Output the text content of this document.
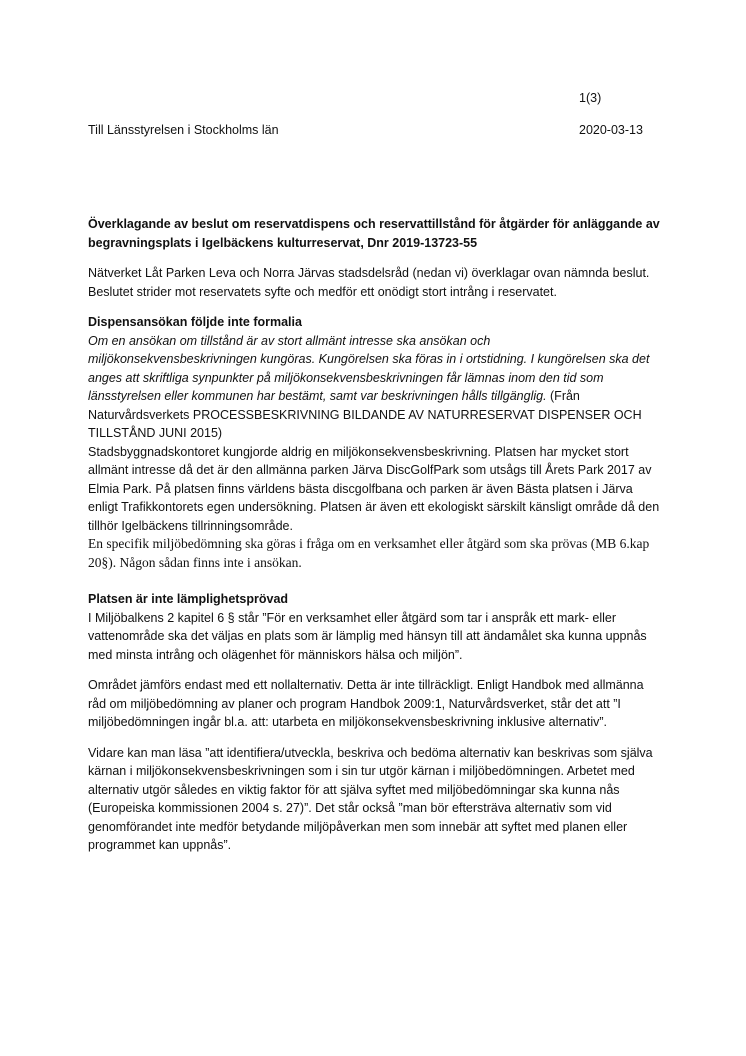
1(3)
Till Länsstyrelsen i Stockholms län	2020-03-13

Överklagande av beslut om reservatdispens och reservattillstånd för åtgärder för anläggande av begravningsplats i Igelbäckens kulturreservat, Dnr 2019-13723-55

Nätverket Låt Parken Leva och Norra Järvas stadsdelsråd (nedan vi) överklagar ovan nämnda beslut. Beslutet strider mot reservatets syfte och medför ett onödigt stort intrång i reservatet.

Dispensansökan följde inte formalia

Om en ansökan om tillstånd är av stort allmänt intresse ska ansökan och miljökonsekvensbeskrivningen kungöras. Kungörelsen ska föras in i ortstidning. I kungörelsen ska det anges att skriftliga synpunkter på miljökonsekvensbeskrivningen får lämnas inom den tid som länsstyrelsen eller kommunen har bestämt, samt var beskrivningen hålls tillgänglig. (Från Naturvårdsverkets PROCESSBESKRIVNING BILDANDE AV NATURRESERVAT DISPENSER OCH TILLSTÅND JUNI 2015)

Stadsbyggnadskontoret kungjorde aldrig en miljökonsekvensbeskrivning. Platsen har mycket stort allmänt intresse då det är den allmänna parken Järva DiscGolfPark som utsågs till Årets Park 2017 av Elmia Park. På platsen finns världens bästa discgolfbana och parken är även Bästa platsen i Järva enligt Trafikkontorets egen undersökning. Platsen är även ett ekologiskt särskilt känsligt område då den tillhör Igelbäckens tillrinningsområde.

En specifik miljöbedömning ska göras i fråga om en verksamhet eller åtgärd som ska prövas (MB 6.kap 20§). Någon sådan finns inte i ansökan.

Platsen är inte lämplighetsprövad

I Miljöbalkens 2 kapitel 6 § står ”För en verksamhet eller åtgärd som tar i anspråk ett mark- eller vattenområde ska det väljas en plats som är lämplig med hänsyn till att ändamålet ska kunna uppnås med minsta intrång och olägenhet för människors hälsa och miljön”.

Området jämförs endast med ett nollalternativ. Detta är inte tillräckligt. Enligt Handbok med allmänna råd om miljöbedömning av planer och program Handbok 2009:1, Naturvårdsverket, står det att ”I miljöbedömningen ingår bl.a. att: utarbeta en miljökonsekvensbeskrivning inklusive alternativ”.

Vidare kan man läsa ”att identifiera/utveckla, beskriva och bedöma alternativ kan beskrivas som själva kärnan i miljökonsekvensbeskrivningen som i sin tur utgör kärnan i miljöbedömningen. Arbetet med alternativ utgör således en viktig faktor för att själva syftet med miljöbedömningar ska kunna nås (Europeiska kommissionen 2004 s. 27)”. Det står också ”man bör eftersträva alternativ som vid genomförandet inte medför betydande miljöpåverkan men som innebär att syftet med planen eller programmet kan uppnås”.
